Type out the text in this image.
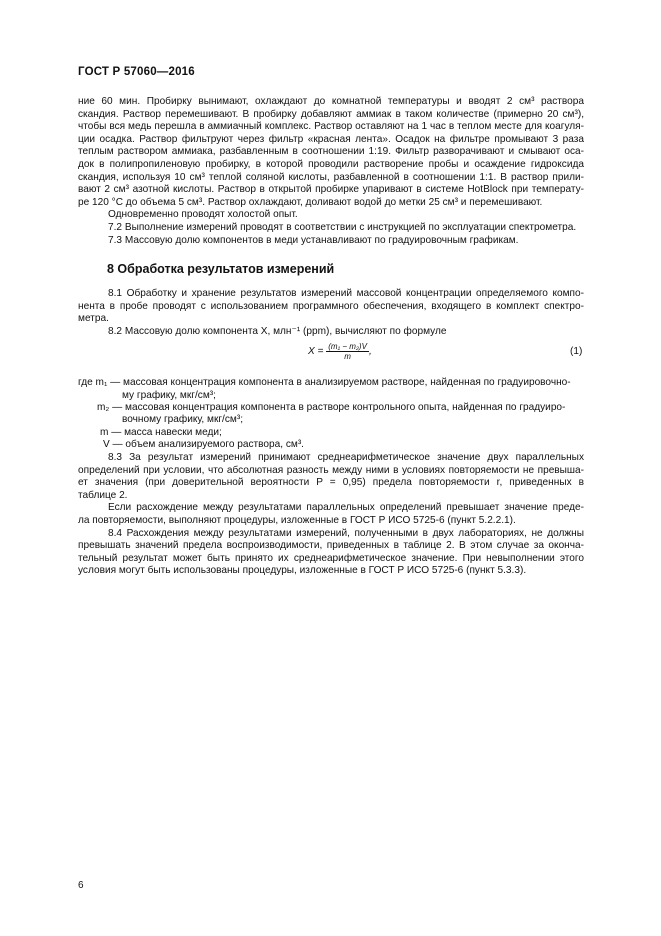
ГОСТ Р 57060—2016
ние 60 мин. Пробирку вынимают, охлаждают до комнатной температуры и вводят 2 см³ раствора
скандия. Раствор перемешивают. В пробирку добавляют аммиак в таком количестве (примерно 20 см³),
чтобы вся медь перешла в аммиачный комплекс. Раствор оставляют на 1 час в теплом месте для коагуля-
ции осадка. Раствор фильтруют через фильтр «красная лента». Осадок на фильтре промывают 3 раза
теплым раствором аммиака, разбавленным в соотношении 1:19. Фильтр разворачивают и смывают оса-
док в полипропиленовую пробирку, в которой проводили растворение пробы и осаждение гидроксида
скандия, используя 10 см³ теплой соляной кислоты, разбавленной в соотношении 1:1. В раствор прили-
вают 2 см³ азотной кислоты. Раствор в открытой пробирке упаривают в системе HotBlock при температу-
ре 120 °С до объема 5 см³. Раствор охлаждают, доливают водой до метки 25 см³ и перемешивают.
Одновременно проводят холостой опыт.
7.2 Выполнение измерений проводят в соответствии с инструкцией по эксплуатации спектрометра.
7.3 Массовую долю компонентов в меди устанавливают по градуировочным графикам.
8 Обработка результатов измерений
8.1 Обработку и хранение результатов измерений массовой концентрации определяемого компо-
нента в пробе проводят с использованием программного обеспечения, входящего в комплект спектро-
метра.
8.2 Массовую долю компонента X, млн⁻¹ (ppm), вычисляют по формуле
$X = \frac{\text{(m₁ − m₂)V}}{m}$ ,	(1)
где m₁ — массовая концентрация компонента в анализируемом растворе, найденная по градуировочно-
му графику, мкг/см³;
m₂ — массовая концентрация компонента в растворе контрольного опыта, найденная по градуиро-
вочному графику, мкг/см³;
m — масса навески меди;
V — объем анализируемого раствора, см³.
8.3 За результат измерений принимают среднеарифметическое значение двух параллельных
определений при условии, что абсолютная разность между ними в условиях повторяемости не превыша-
ет значения (при доверительной вероятности P = 0,95) предела повторяемости r, приведенных в
таблице 2.
Если расхождение между результатами параллельных определений превышает значение преде-
ла повторяемости, выполняют процедуры, изложенные в ГОСТ Р ИСО 5725-6 (пункт 5.2.2.1).
8.4 Расхождения между результатами измерений, полученными в двух лабораториях, не должны
превышать значений предела воспроизводимости, приведенных в таблице 2. В этом случае за оконча-
тельный результат может быть принято их среднеарифметическое значение. При невыполнении этого
условия могут быть использованы процедуры, изложенные в ГОСТ Р ИСО 5725-6 (пункт 5.3.3).
6
